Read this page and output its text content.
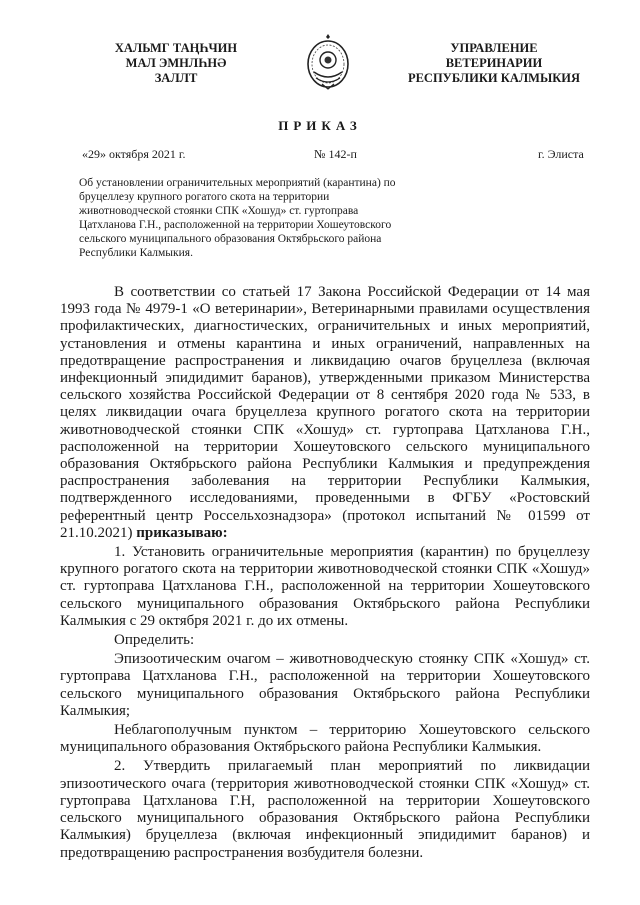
ХАЛЬМГ ТАҢҺЧИН
МАЛ ЭМНЛҺНӘ
ЗАЛЛТ
УПРАВЛЕНИЕ
ВЕТЕРИНАРИИ
РЕСПУБЛИКИ КАЛМЫКИЯ
ПРИКАЗ
«29» октября 2021 г.	№ 142-п	г. Элиста
Об установлении ограничительных мероприятий (карантина) по
бруцеллезу крупного рогатого скота на территории
животноводческой стоянки СПК «Хошуд» ст. гуртоправа
Цатхланова Г.Н., расположенной на территории Хошеутовского
сельского муниципального образования Октябрьского района
Республики Калмыкия.

В соответствии со статьей 17 Закона Российской Федерации от 14 мая 1993 года № 4979-1 «О ветеринарии», Ветеринарными правилами осуществления профилактических, диагностических, ограничительных и иных мероприятий, установления и отмены карантина и иных ограничений, направленных на предотвращение распространения и ликвидацию очагов бруцеллеза (включая инфекционный эпидидимит баранов), утвержденными приказом Министерства сельского хозяйства Российской Федерации от 8 сентября 2020 года № 533, в целях ликвидации очага бруцеллеза крупного рогатого скота на территории животноводческой стоянки СПК «Хошуд» ст. гуртоправа Цатхланова Г.Н., расположенной на территории Хошеутовского сельского муниципального образования Октябрьского района Республики Калмыкия и предупреждения распространения заболевания на территории Республики Калмыкия, подтвержденного исследованиями, проведенными в ФГБУ «Ростовский референтный центр Россельхознадзора» (протокол испытаний № 01599 от 21.10.2021) приказываю:

1. Установить ограничительные мероприятия (карантин) по бруцеллезу крупного рогатого скота на территории животноводческой стоянки СПК «Хошуд» ст. гуртоправа Цатхланова Г.Н., расположенной на территории Хошеутовского сельского муниципального образования Октябрьского района Республики Калмыкия с 29 октября 2021 г. до их отмены.

Определить:

Эпизоотическим очагом – животноводческую стоянку СПК «Хошуд» ст. гуртоправа Цатхланова Г.Н., расположенной на территории Хошеутовского сельского муниципального образования Октябрьского района Республики Калмыкия;

Неблагополучным пунктом – территорию Хошеутовского сельского муниципального образования Октябрьского района Республики Калмыкия.

2. Утвердить прилагаемый план мероприятий по ликвидации эпизоотического очага (территория животноводческой стоянки СПК «Хошуд» ст. гуртоправа Цатхланова Г.Н, расположенной на территории Хошеутовского сельского муниципального образования Октябрьского района Республики Калмыкия) бруцеллеза (включая инфекционный эпидидимит баранов) и предотвращению распространения возбудителя болезни.
